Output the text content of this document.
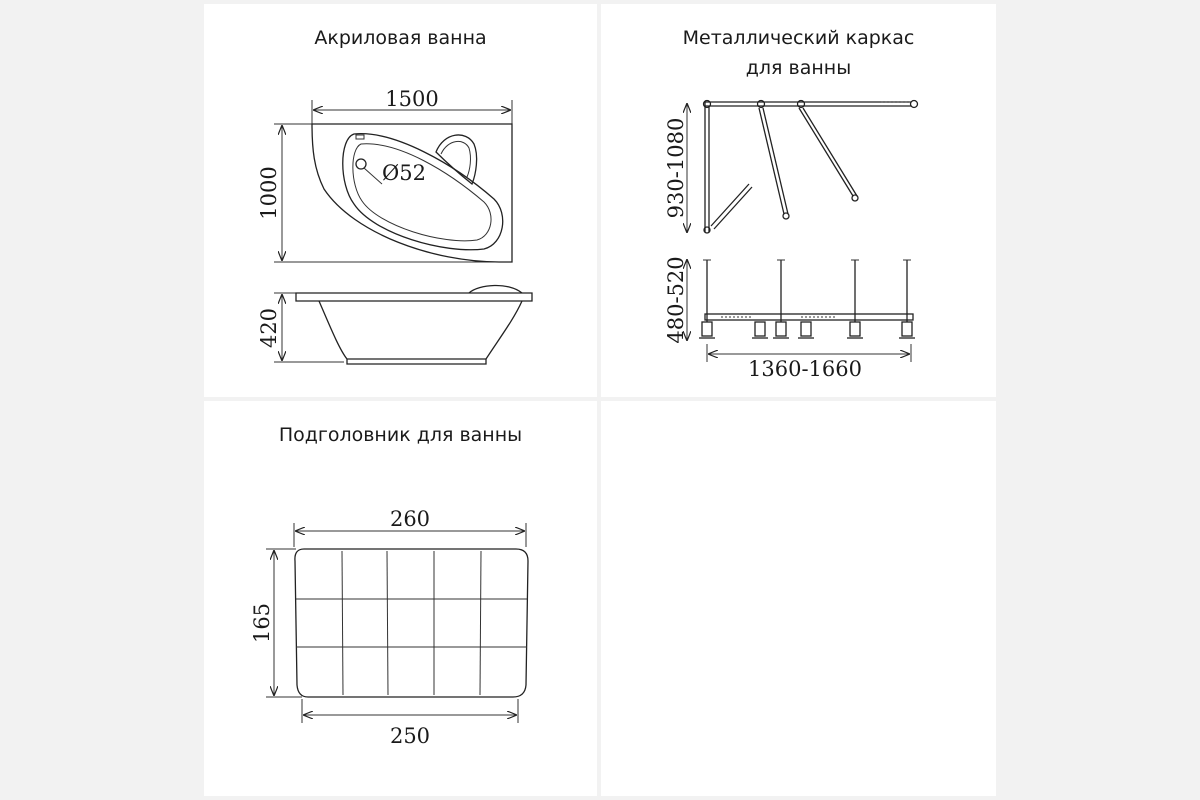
Акриловая ванна
1500
1000	Ø52
420
Металлический каркас
для ванны
930-1080
480-520
1360-1660
Подголовник для ванны
260
165
250
